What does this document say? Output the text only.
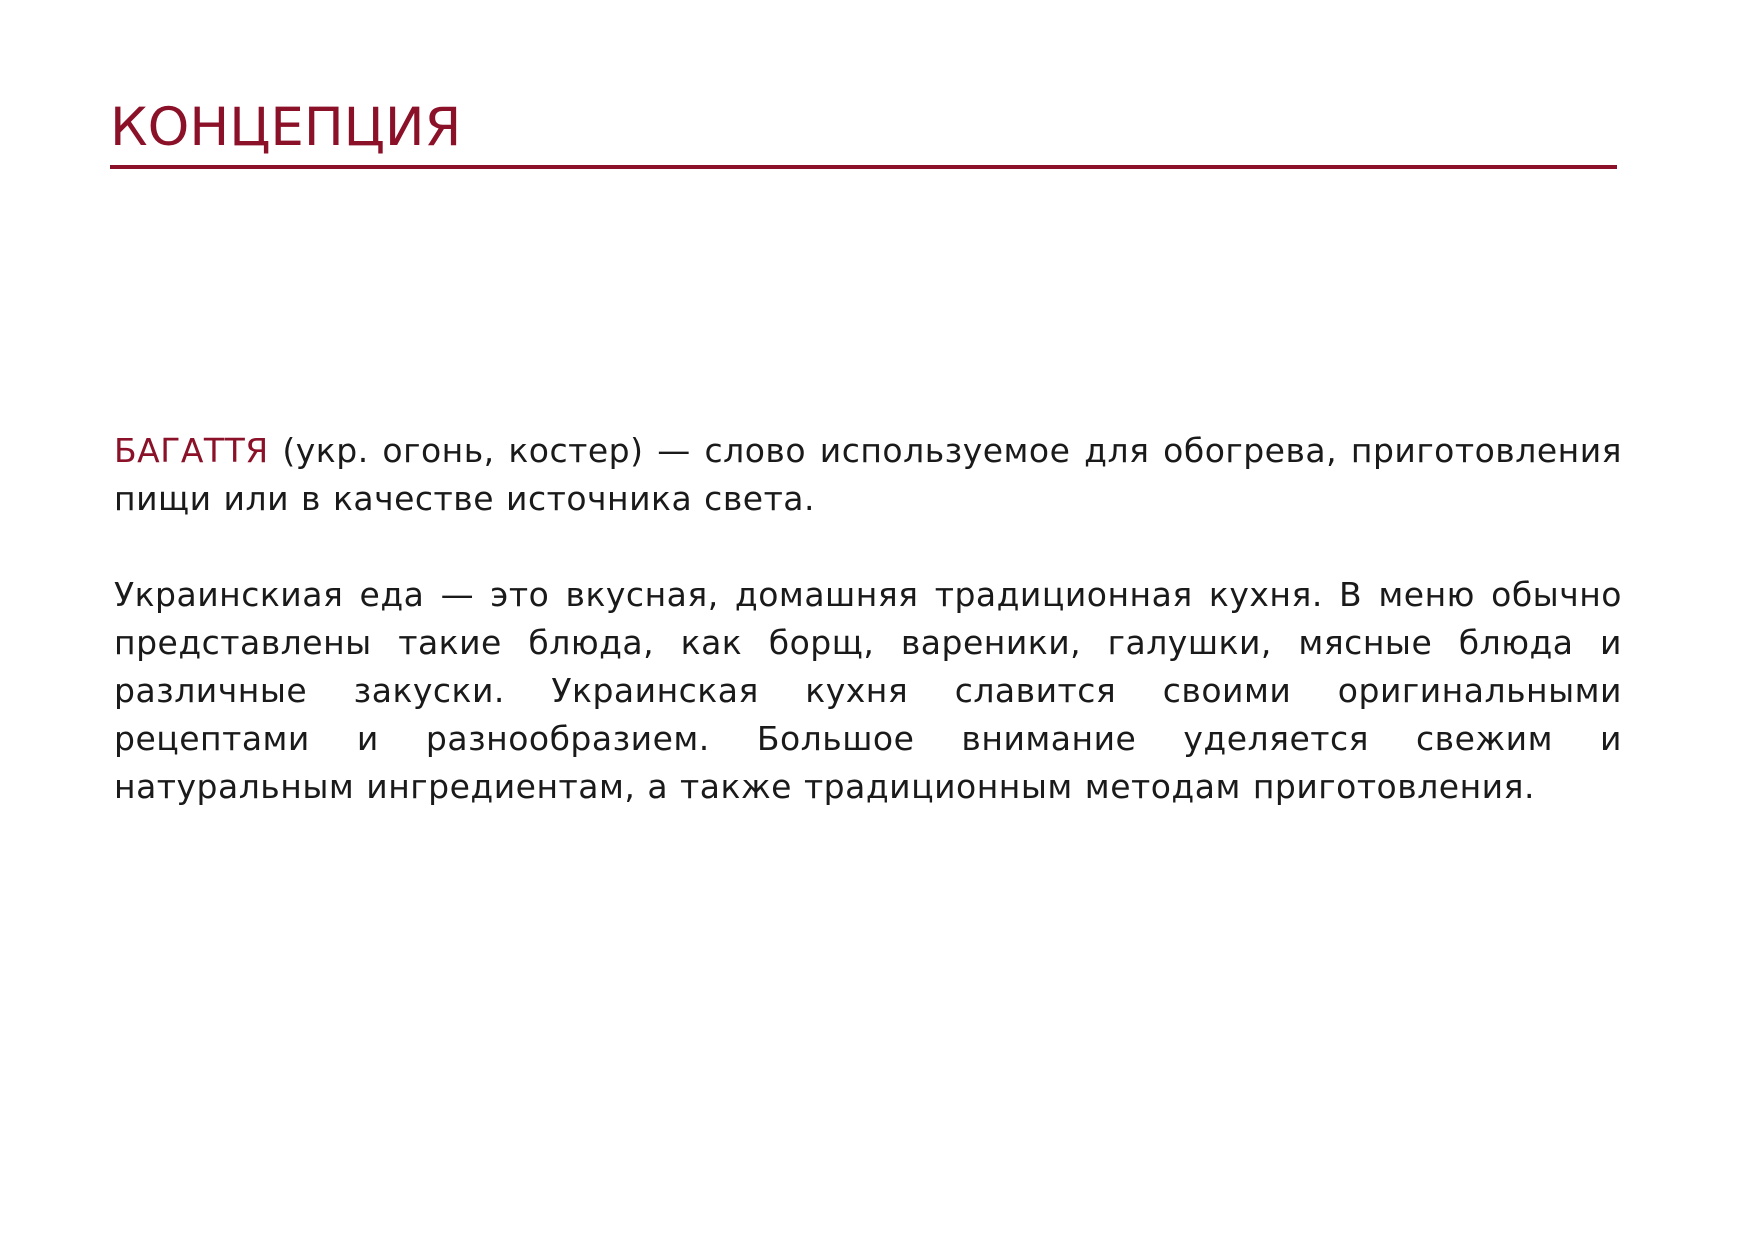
КОНЦЕПЦИЯ

БАГАТТЯ (укр. огонь, костер) — слово используемое для обогрева, приготовления пищи или в качестве источника света.

Украинскиая еда — это вкусная, домашняя традиционная кухня. В меню обычно представлены такие блюда, как борщ, вареники, галушки, мясные блюда и различные закуски. Украинская кухня славится своими оригинальными рецептами и разнообразием. Большое внимание уделяется свежим и натуральным ингредиентам, а также традиционным методам приготовления.
